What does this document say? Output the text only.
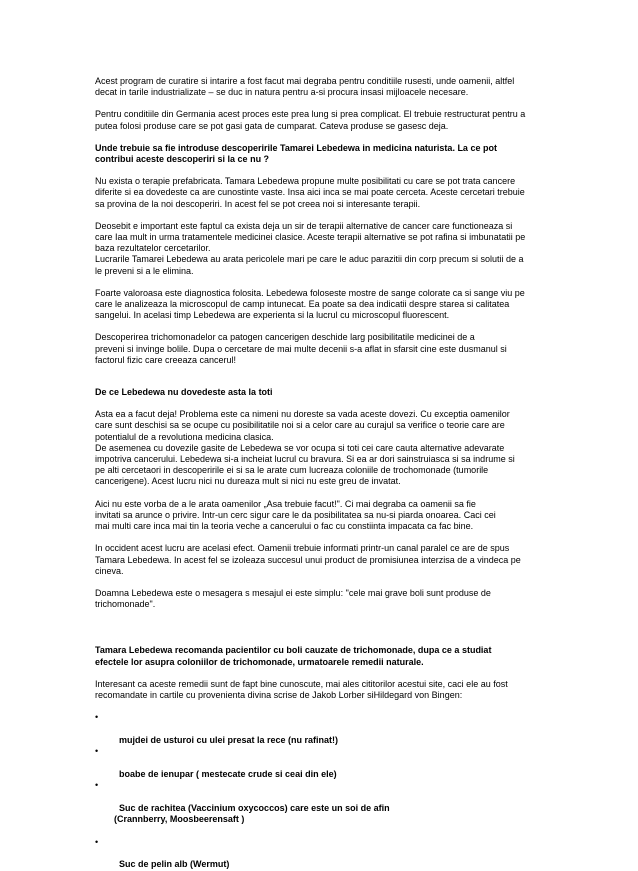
Acest program de curatire si intarire a fost facut mai degraba pentru conditiile rusesti, unde oamenii, altfel
decat in tarile industrializate – se duc in natura pentru a-si procura insasi mijloacele necesare.

Pentru conditiile din Germania acest proces este prea lung si prea complicat. El trebuie restructurat pentru a
putea folosi produse care se pot gasi gata de cumparat. Cateva produse se gasesc deja.

Unde trebuie sa fie introduse descoperirile Tamarei Lebedewa in medicina naturista. La ce pot
contribui aceste descoperiri si la ce nu ?

Nu exista o terapie prefabricata. Tamara Lebedewa propune multe posibilitati cu care se pot trata cancere
diferite si ea dovedeste ca are cunostinte vaste. Insa aici inca se mai poate cerceta. Aceste cercetari trebuie
sa provina de la noi descoperiri. In acest fel se pot creea noi si interesante terapii.

Deosebit e important este faptul ca exista deja un sir de terapii alternative de cancer care functioneaza si
care Iaa mult in urma tratamentele medicinei clasice. Aceste terapii alternative se pot rafina si imbunatatii pe
baza rezultatelor cercetarilor.

Lucrarile Tamarei Lebedewa au arata pericolele mari pe care le aduc parazitii din corp precum si solutii de a
le preveni si a le elimina.

Foarte valoroasa este diagnostica folosita. Lebedewa foloseste mostre de sange colorate ca si sange viu pe
care le analizeaza la microscopul de camp intunecat. Ea poate sa dea indicatii despre starea si calitatea
sangelui. In acelasi timp Lebedewa are experienta si la lucrul cu microscopul fluorescent.

Descoperirea trichomonadelor ca patogen cancerigen deschide larg posibilitatile medicinei de a
preveni si invinge bolile. Dupa o cercetare de mai multe decenii s-a aflat in sfarsit cine este dusmanul si
factorul fizic care creeaza cancerul!

De ce Lebedewa nu dovedeste asta la toti

Asta ea a facut deja! Problema este ca nimeni nu doreste sa vada aceste dovezi. Cu exceptia oamenilor
care sunt deschisi sa se ocupe cu posibilitatile noi si a celor care au curajul sa verifice o teorie care are
potentialul de a revolutiona medicina clasica.

De asemenea cu dovezile gasite de Lebedewa se vor ocupa si toti cei care cauta alternative adevarate
impotriva cancerului. Lebedewa si-a incheiat lucrul cu bravura. Si ea ar dori sainstruiasca si sa indrume si
pe alti cercetaori in descoperirile ei si sa le arate cum lucreaza coloniile de trochomonade (tumorile
cancerigene). Acest lucru nici nu dureaza mult si nici nu este greu de invatat.

Aici nu este vorba de a le arata oamenilor „Asa trebuie facut!". Ci mai degraba ca oamenii sa fie
invitati sa arunce o privire. Intr-un cerc sigur care le da posibilitatea sa nu-si piarda onoarea. Caci cei
mai multi care inca mai tin la teoria veche a cancerului o fac cu constiinta impacata ca fac bine.

In occident acest lucru are acelasi efect. Oamenii trebuie informati printr-un canal paralel ce are de spus
Tamara Lebedewa. In acest fel se izoleaza succesul unui product de promisiunea interzisa de a vindeca pe
cineva.

Doamna Lebedewa este o mesagera s mesajul ei este simplu: "cele mai grave boli sunt produse de
trichomonade".

Tamara Lebedewa recomanda pacientilor cu boli cauzate de trichomonade, dupa ce a studiat
efectele lor asupra coloniilor de trichomonade, urmatoarele remedii naturale.

Interesant ca aceste remedii sunt de fapt bine cunoscute, mai ales cititorilor acestui site, caci ele au fost
recomandate in cartile cu provenienta divina scrise de Jakob Lorber siHildegard von Bingen:

•

mujdei de usturoi cu ulei presat la rece (nu rafinat!)

•

boabe de ienupar ( mestecate crude si ceai din ele)

•

Suc de rachitea (Vaccinium oxycoccos) care este un soi de afin

(Crannberry, Moosbeerensaft )

•

Suc de pelin alb (Wermut)
